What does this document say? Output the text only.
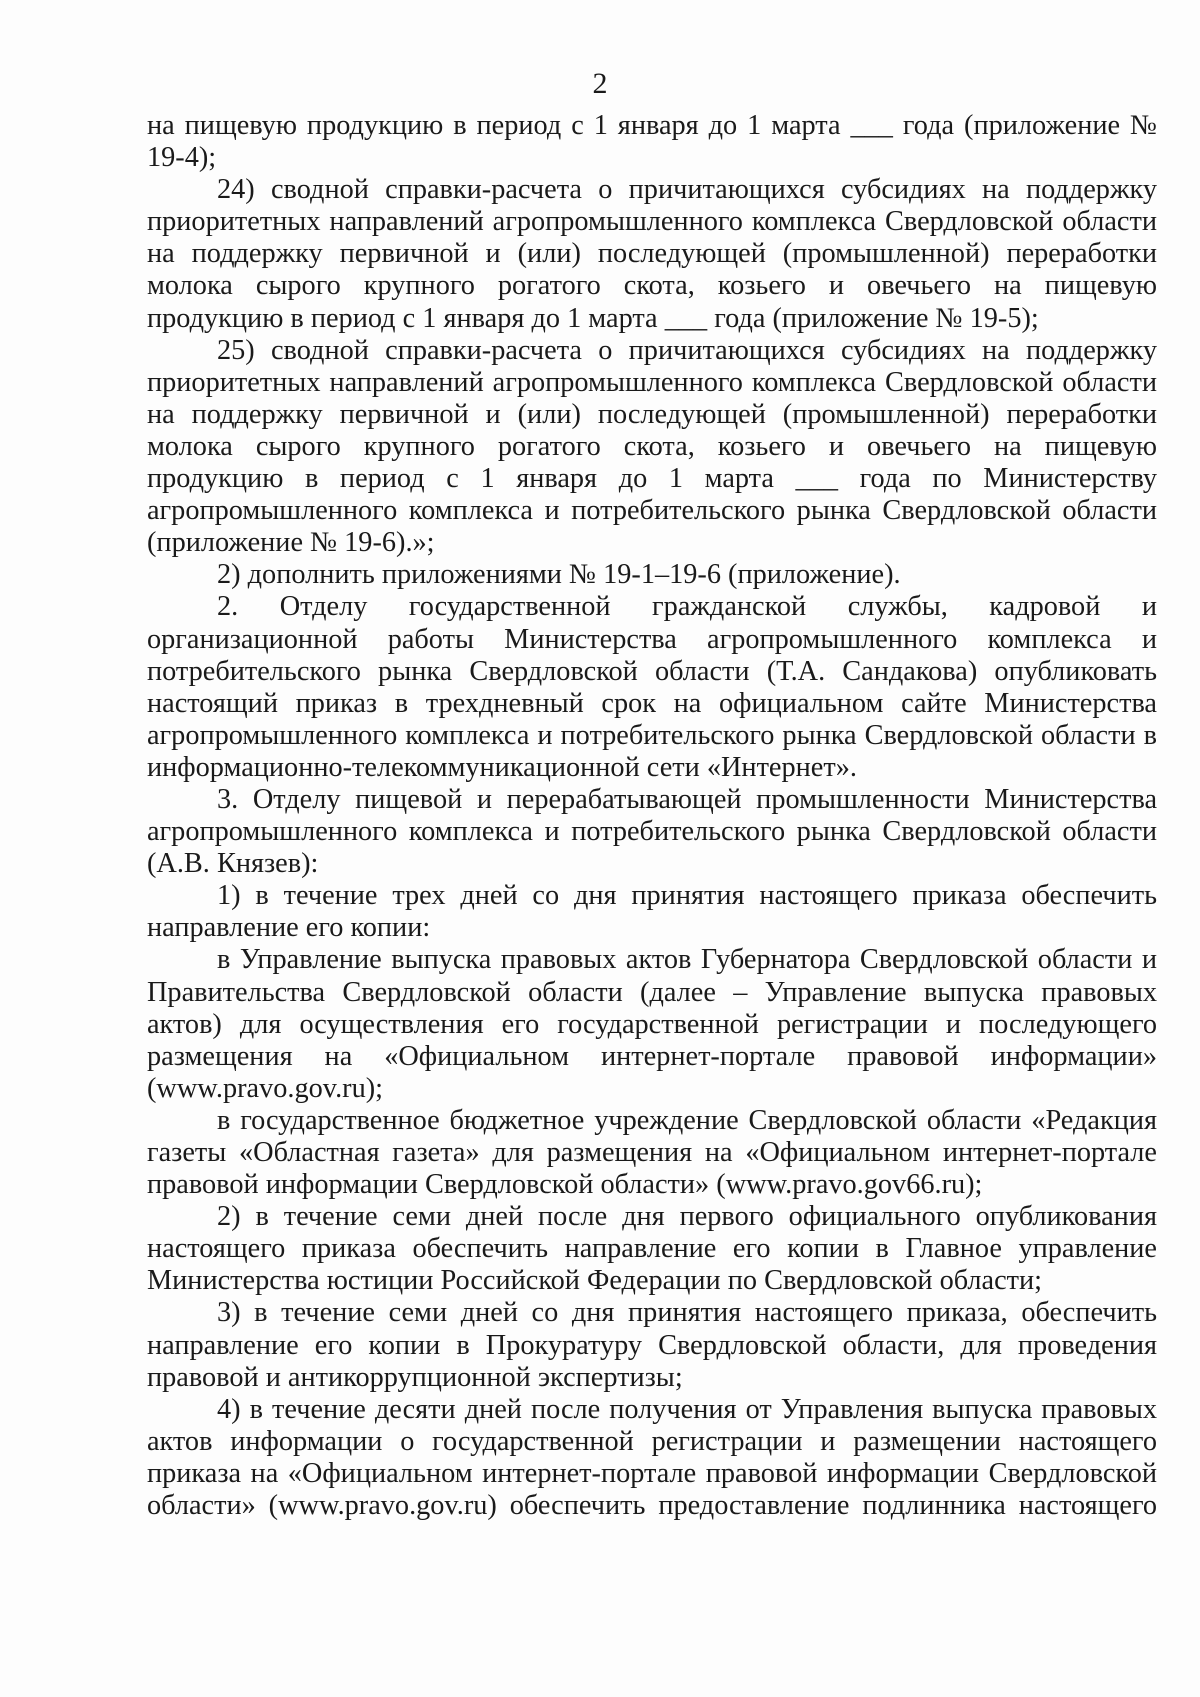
2

на пищевую продукцию в период с 1 января до 1 марта ___ года (приложение № 19-4);

24) сводной справки-расчета о причитающихся субсидиях на поддержку приоритетных направлений агропромышленного комплекса Свердловской области на поддержку первичной и (или) последующей (промышленной) переработки молока сырого крупного рогатого скота, козьего и овечьего на пищевую продукцию в период с 1 января до 1 марта ___ года (приложение № 19-5);

25) сводной справки-расчета о причитающихся субсидиях на поддержку приоритетных направлений агропромышленного комплекса Свердловской области на поддержку первичной и (или) последующей (промышленной) переработки молока сырого крупного рогатого скота, козьего и овечьего на пищевую продукцию в период с 1 января до 1 марта ___ года по Министерству агропромышленного комплекса и потребительского рынка Свердловской области (приложение № 19-6).»;

2) дополнить приложениями № 19-1–19-6 (приложение).

2. Отделу государственной гражданской службы, кадровой и организационной работы Министерства агропромышленного комплекса и потребительского рынка Свердловской области (Т.А. Сандакова) опубликовать настоящий приказ в трехдневный срок на официальном сайте Министерства агропромышленного комплекса и потребительского рынка Свердловской области в информационно-телекоммуникационной сети «Интернет».

3. Отделу пищевой и перерабатывающей промышленности Министерства агропромышленного комплекса и потребительского рынка Свердловской области (А.В. Князев):

1) в течение трех дней со дня принятия настоящего приказа обеспечить направление его копии:

в Управление выпуска правовых актов Губернатора Свердловской области и Правительства Свердловской области (далее – Управление выпуска правовых актов) для осуществления его государственной регистрации и последующего размещения на «Официальном интернет-портале правовой информации» (www.pravo.gov.ru);

в государственное бюджетное учреждение Свердловской области «Редакция газеты «Областная газета» для размещения на «Официальном интернет-портале правовой информации Свердловской области» (www.pravo.gov66.ru);

2) в течение семи дней после дня первого официального опубликования настоящего приказа обеспечить направление его копии в Главное управление Министерства юстиции Российской Федерации по Свердловской области;

3) в течение семи дней со дня принятия настоящего приказа, обеспечить направление его копии в Прокуратуру Свердловской области, для проведения правовой и антикоррупционной экспертизы;

4) в течение десяти дней после получения от Управления выпуска правовых актов информации о государственной регистрации и размещении настоящего приказа на «Официальном интернет-портале правовой информации Свердловской области» (www.pravo.gov.ru) обеспечить предоставление подлинника настоящего
